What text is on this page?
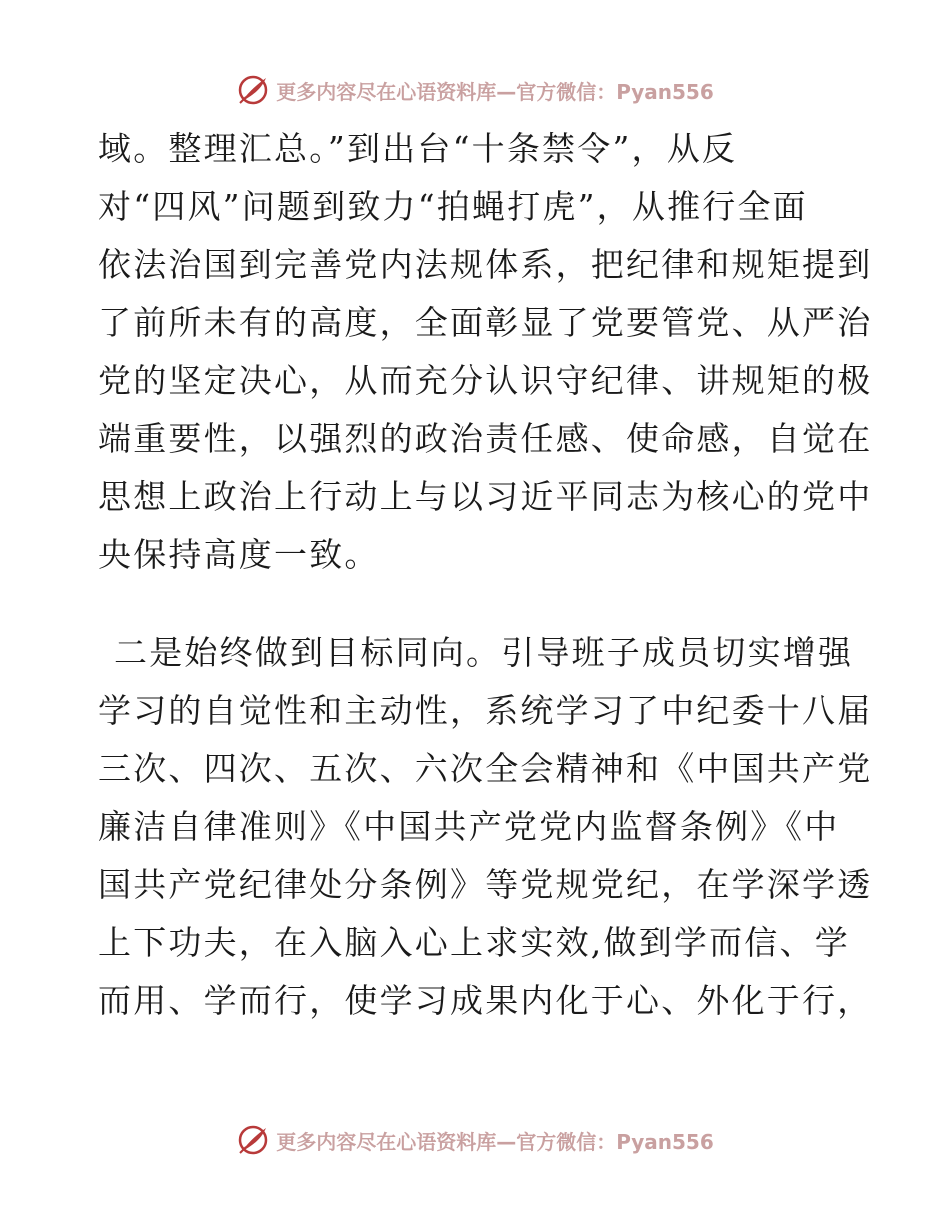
更多内容尽在心语资料库—官方微信：Pyan556
域。整理汇总。”到出台“十条禁令”，从反
对“四风”问题到致力“拍蝇打虎”，从推行全面
依法治国到完善党内法规体系，把纪律和规矩提到
了前所未有的高度，全面彰显了党要管党、从严治
党的坚定决心，从而充分认识守纪律、讲规矩的极
端重要性，以强烈的政治责任感、使命感，自觉在
思想上政治上行动上与以习近平同志为核心的党中
央保持高度一致。
二是始终做到目标同向。引导班子成员切实增强
学习的自觉性和主动性，系统学习了中纪委十八届
三次、四次、五次、六次全会精神和《中国共产党
廉洁自律准则》《中国共产党党内监督条例》《中
国共产党纪律处分条例》等党规党纪，在学深学透
上下功夫，在入脑入心上求实效,做到学而信、学
而用、学而行，使学习成果内化于心、外化于行，
更多内容尽在心语资料库—官方微信：Pyan556
